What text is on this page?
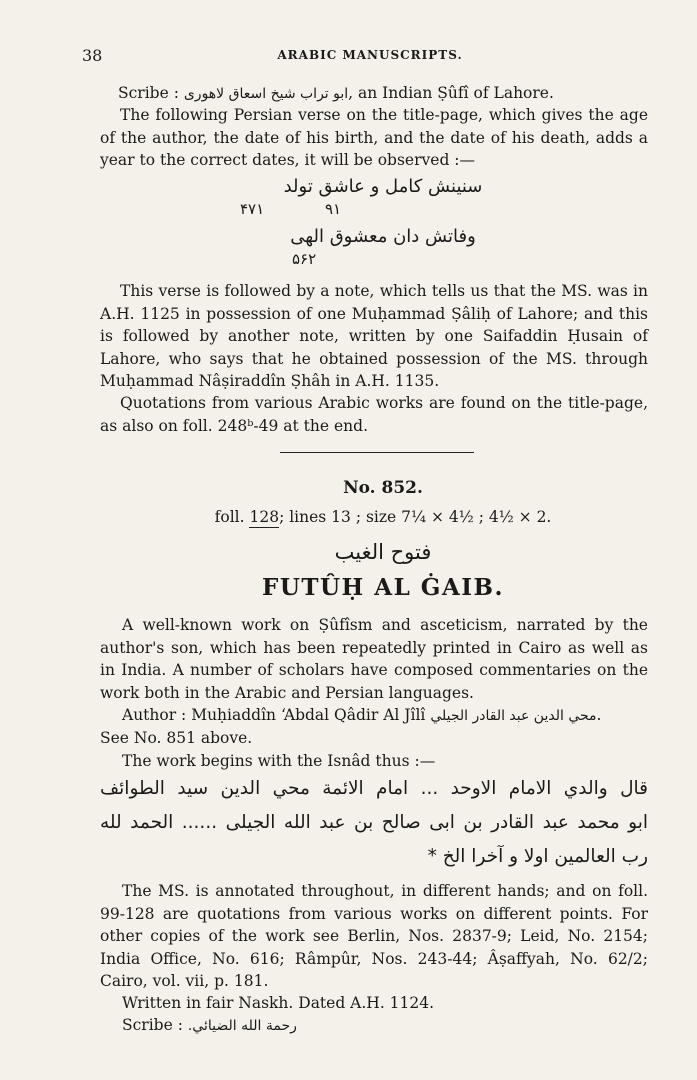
38	ARABIC MANUSCRIPTS.
Scribe : ابو تراب شیخ اسعاق لاهوری, an Indian Ṣûfî of Lahore.
The following Persian verse on the title-page, which gives the age of the author, the date of his birth, and the date of his death, adds a year to the correct dates, it will be observed :—
سنینش کامل و عاشق تولد
۹۱
۴۷۱
وفاتش دان معشوق الهی
۵۶۲
This verse is followed by a note, which tells us that the MS. was in A.H. 1125 in possession of one Muḥammad Ṣâliḥ of Lahore; and this is followed by another note, written by one Saifaddin Ḥusain of Lahore, who says that he obtained possession of the MS. through Muḥammad Nâṣiraddîn Ṣhâh in A.H. 1135.
Quotations from various Arabic works are found on the title-page, as also on foll. 248ᵇ-49 at the end.
No. 852.
foll. 128; lines 13 ; size 7¼ × 4½ ; 4½ × 2.
فتوح الغيب
FUTÛḤ AL ĠAIB.
A well-known work on Ṣûfîsm and asceticism, narrated by the author's son, which has been repeatedly printed in Cairo as well as in India. A number of scholars have composed commentaries on the work both in the Arabic and Persian languages.
Author : Muḥiaddîn ʻAbdal Qâdir Al Jîlî محي الدين عبد القادر الجيلي.
See No. 851 above.
The work begins with the Isnâd thus :—
قال والدي الامام الاوحد ... امام الائمة محي الدين سيد الطوائف
ابو محمد عبد القادر بن ابى صالح بن عبد الله الجيلى ...... الحمد لله
رب العالمين اولا و آخرا الخ *
The MS. is annotated throughout, in different hands; and on foll. 99-128 are quotations from various works on different points. For other copies of the work see Berlin, Nos. 2837-9; Leid, No. 2154; India Office, No. 616; Râmpûr, Nos. 243-44; Âṣaffyah, No. 62/2; Cairo, vol. vii, p. 181.
Written in fair Naskh. Dated A.H. 1124.
Scribe : رحمة الله الضيائي.
